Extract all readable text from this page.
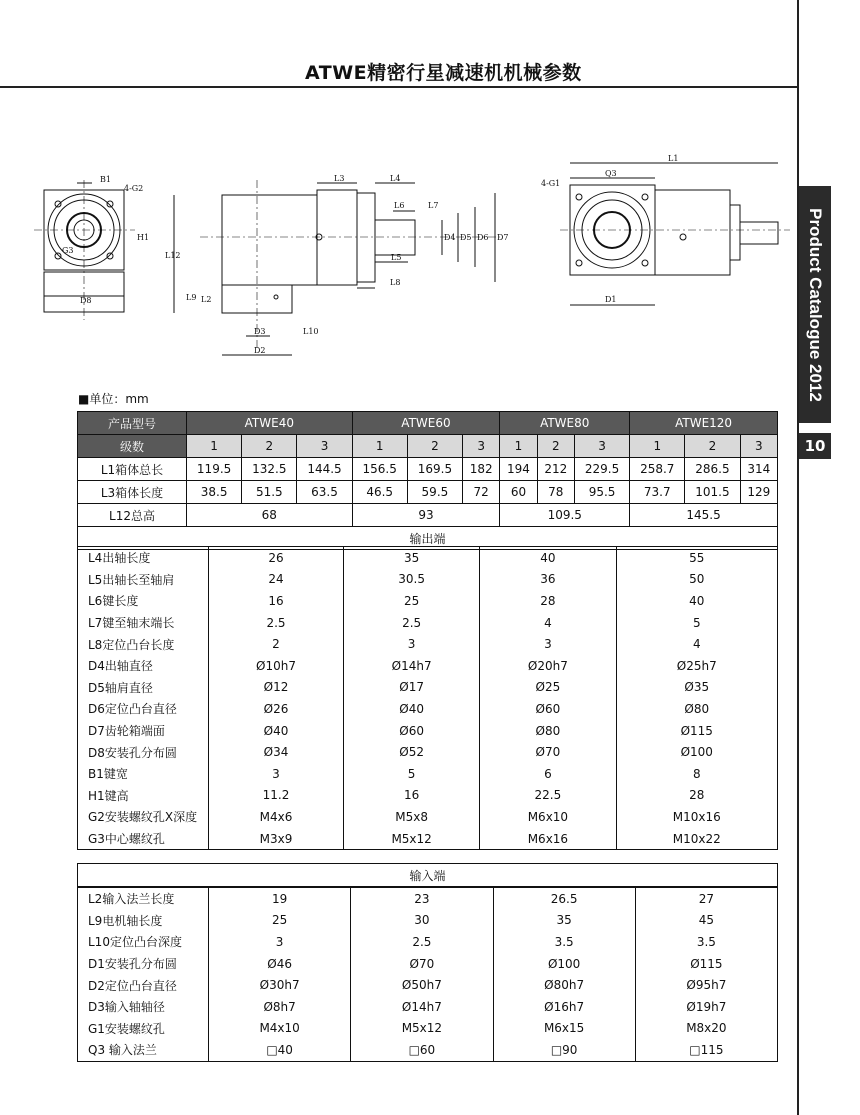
ATWE精密行星减速机机械参数
Product Catalogue 2012
10
B1
4-G2
H1
G3
D8
L12
L9 L2
D3
D2
L10
L3	L4
L6	L7
L5
L8
D4 D5 D6 D7
L1
Q3
4-G1
D1
■单位：mm
产品型号	ATWE40			ATWE60			ATWE80			ATWE120		
级数	1	2	3	1	2	3	1	2	3	1	2	3
L1箱体总长	119.5	132.5	144.5	156.5	169.5	182	194	212	229.5	258.7	286.5	314
L3箱体长度	38.5	51.5	63.5	46.5	59.5	72	60	78	95.5	73.7	101.5	129
L12总高	68			93			109.5			145.5		
输出端												
L4出轴长度	26	35	40	55
L5出轴长至轴肩	24	30.5	36	50
L6键长度	16	25	28	40
L7键至轴末端长	2.5	2.5	4	5
L8定位凸台长度	2	3	3	4
D4出轴直径	Ø10h7	Ø14h7	Ø20h7	Ø25h7
D5轴肩直径	Ø12	Ø17	Ø25	Ø35
D6定位凸台直径	Ø26	Ø40	Ø60	Ø80
D7齿轮箱端面	Ø40	Ø60	Ø80	Ø115
D8安装孔分布圆	Ø34	Ø52	Ø70	Ø100
B1键宽	3	5	6	8
H1键高	11.2	16	22.5	28
G2安装螺纹孔X深度	M4x6	M5x8	M6x10	M10x16
G3中心螺纹孔	M3x9	M5x12	M6x16	M10x22
输入端
L2输入法兰长度	19	23	26.5	27
L9电机轴长度	25	30	35	45
L10定位凸台深度	3	2.5	3.5	3.5
D1安装孔分布圆	Ø46	Ø70	Ø100	Ø115
D2定位凸台直径	Ø30h7	Ø50h7	Ø80h7	Ø95h7
D3输入轴轴径	Ø8h7	Ø14h7	Ø16h7	Ø19h7
G1安装螺纹孔	M4x10	M5x12	M6x15	M8x20
Q3 输入法兰	□40	□60	□90	□115
